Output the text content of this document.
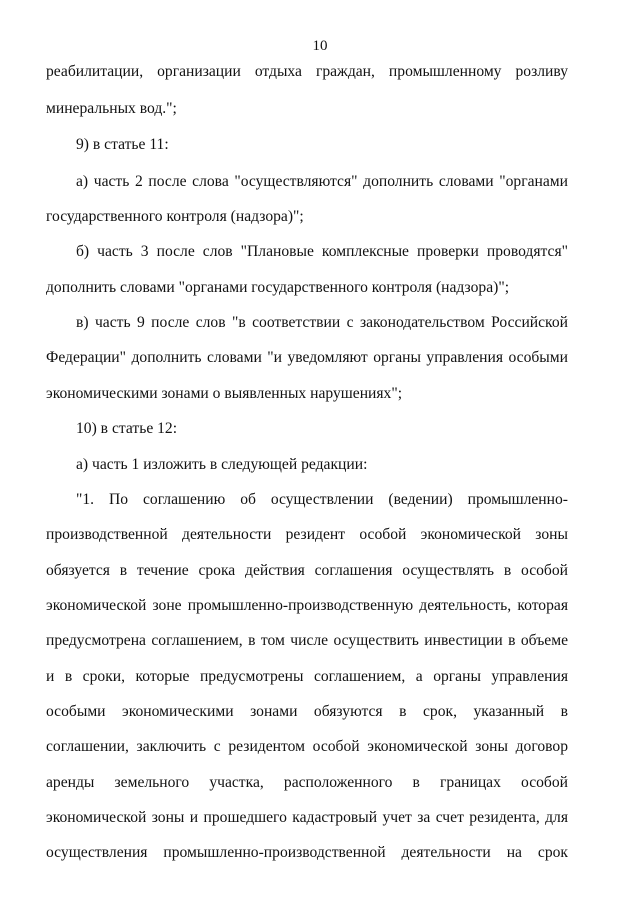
10
реабилитации, организации отдыха граждан, промышленному розливу
минеральных вод.";
9) в статье 11:
а) часть 2 после слова "осуществляются" дополнить словами "органами
государственного контроля (надзора)";
б) часть 3 после слов "Плановые комплексные проверки проводятся"
дополнить словами "органами государственного контроля (надзора)";
в) часть 9 после слов "в соответствии с законодательством Российской
Федерации" дополнить словами "и уведомляют органы управления особыми
экономическими зонами о выявленных нарушениях";
10) в статье 12:
а) часть 1 изложить в следующей редакции:
"1. По соглашению об осуществлении (ведении) промышленно-
производственной деятельности резидент особой экономической зоны
обязуется в течение срока действия соглашения осуществлять в особой
экономической зоне промышленно-производственную деятельность, которая
предусмотрена соглашением, в том числе осуществить инвестиции в объеме
и в сроки, которые предусмотрены соглашением, а органы управления
особыми экономическими зонами обязуются в срок, указанный в
соглашении, заключить с резидентом особой экономической зоны договор
аренды земельного участка, расположенного в границах особой
экономической зоны и прошедшего кадастровый учет за счет резидента, для
осуществления промышленно-производственной деятельности на срок
